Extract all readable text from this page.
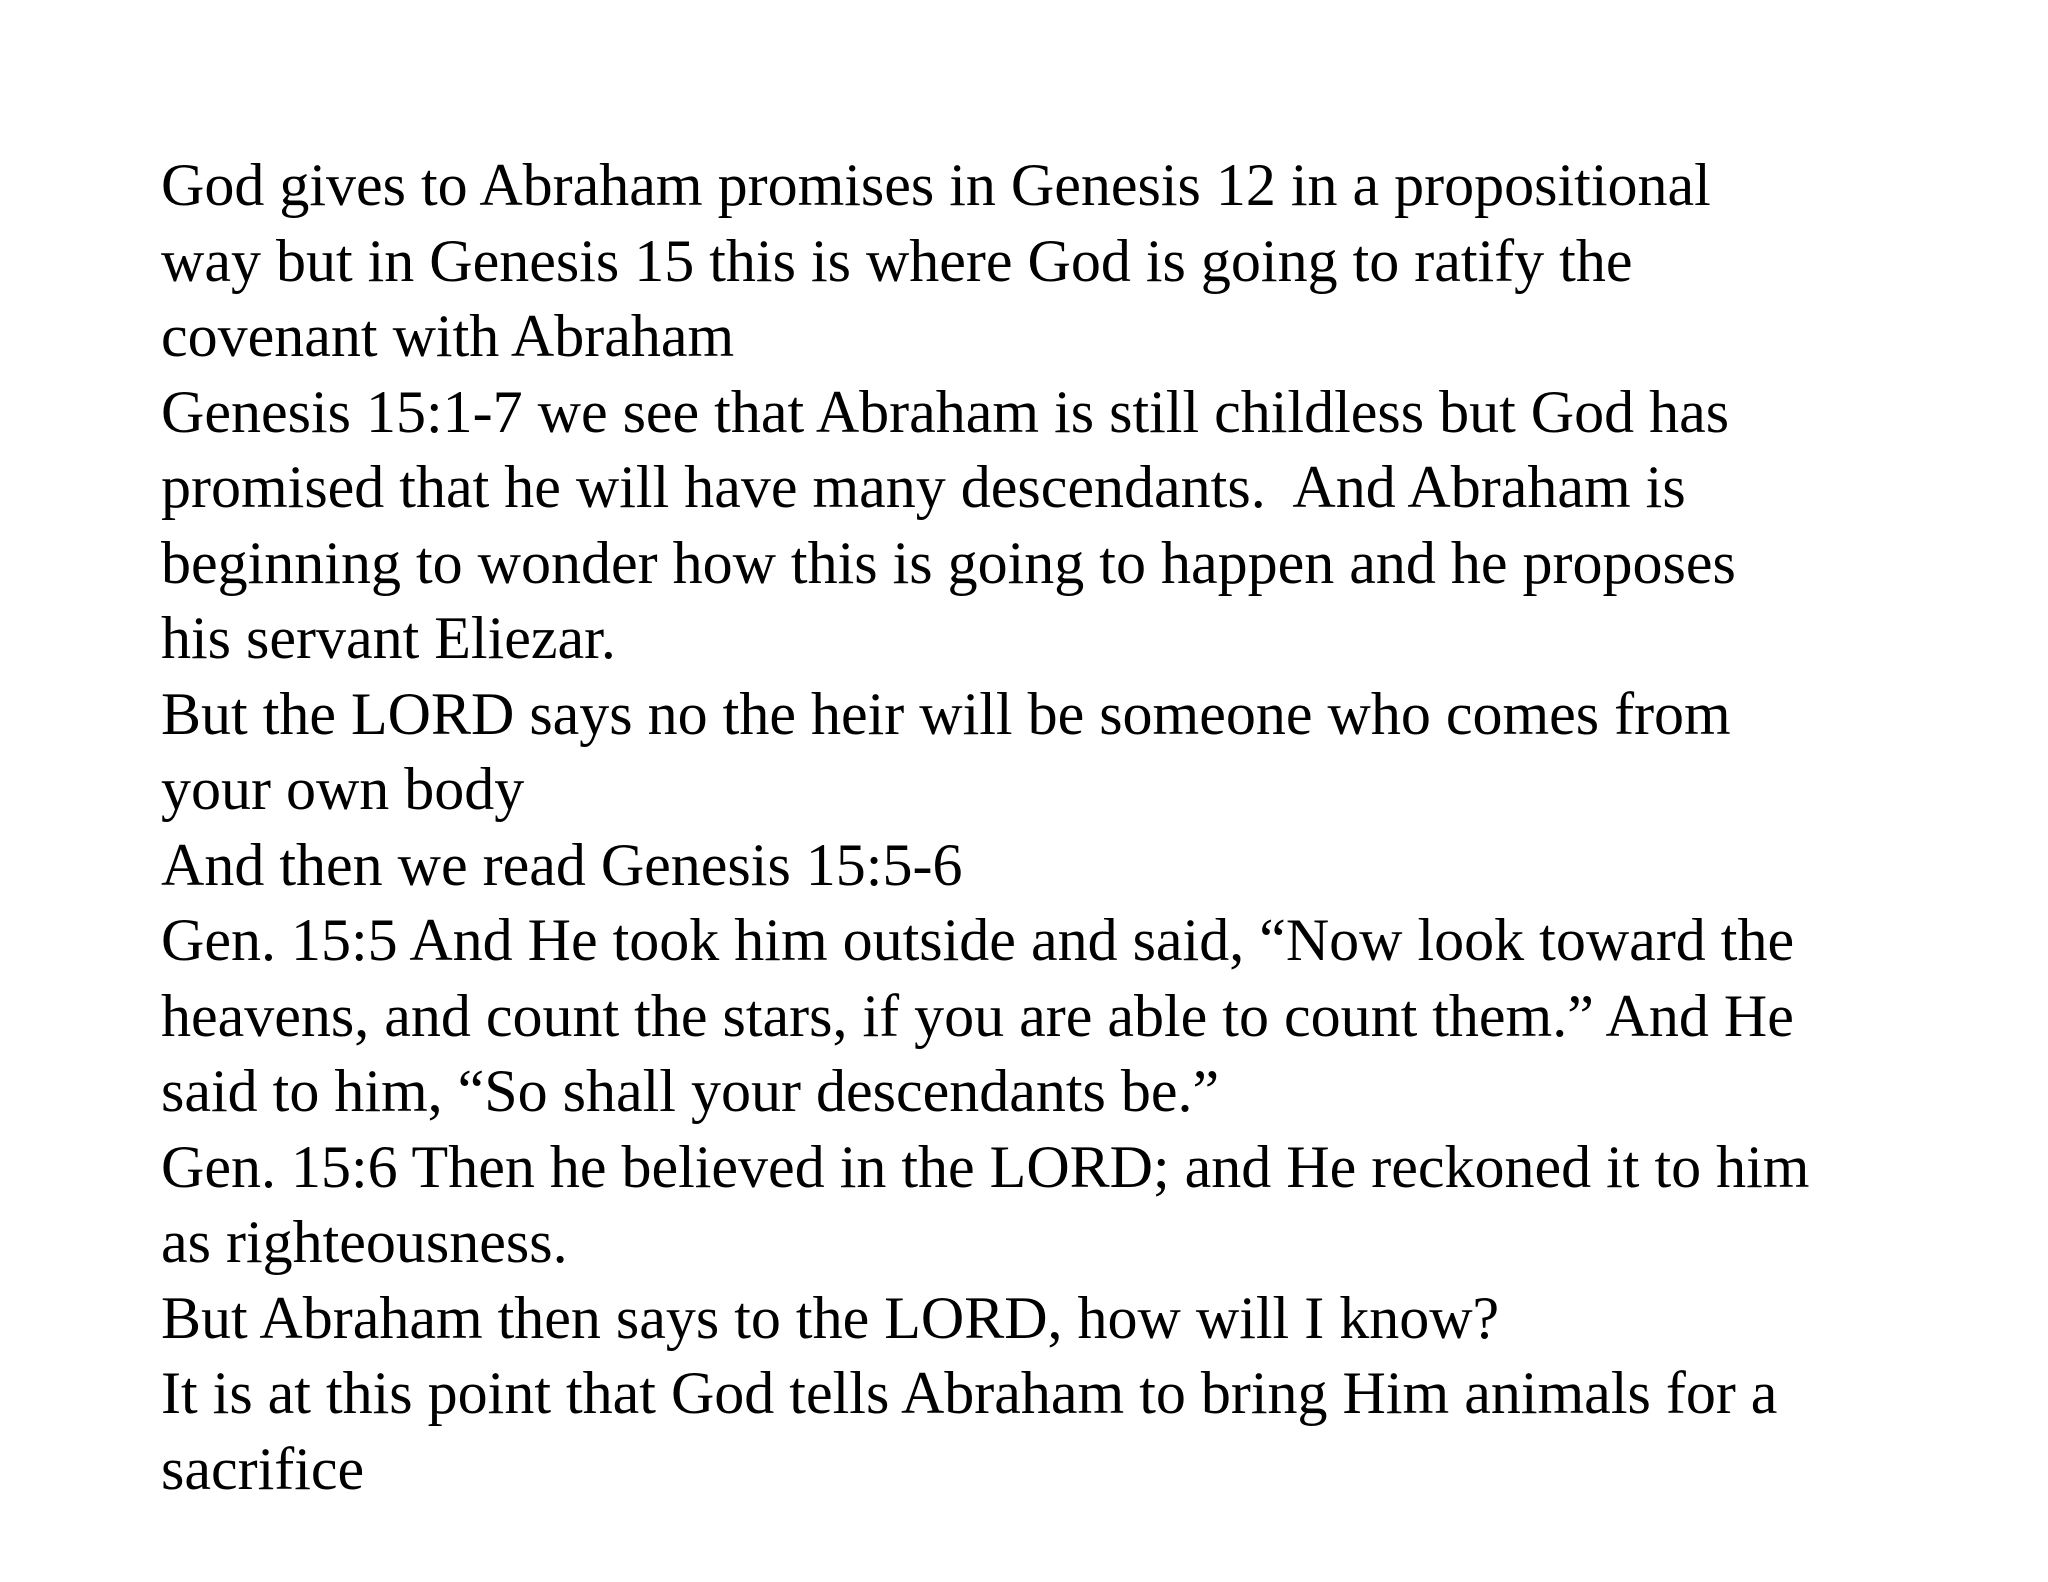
God gives to Abraham promises in Genesis 12 in a propositional
way but in Genesis 15 this is where God is going to ratify the
covenant with Abraham

Genesis 15:1-7 we see that Abraham is still childless but God has
promised that he will have many descendants.  And Abraham is
beginning to wonder how this is going to happen and he proposes
his servant Eliezar.

But the LORD says no the heir will be someone who comes from
your own body

And then we read Genesis 15:5-6

Gen. 15:5 And He took him outside and said, “Now look toward the
heavens, and count the stars, if you are able to count them.” And He
said to him, “So shall your descendants be.”

Gen. 15:6 Then he believed in the LORD; and He reckoned it to him
as righteousness.

But Abraham then says to the LORD, how will I know?

It is at this point that God tells Abraham to bring Him animals for a
sacrifice
